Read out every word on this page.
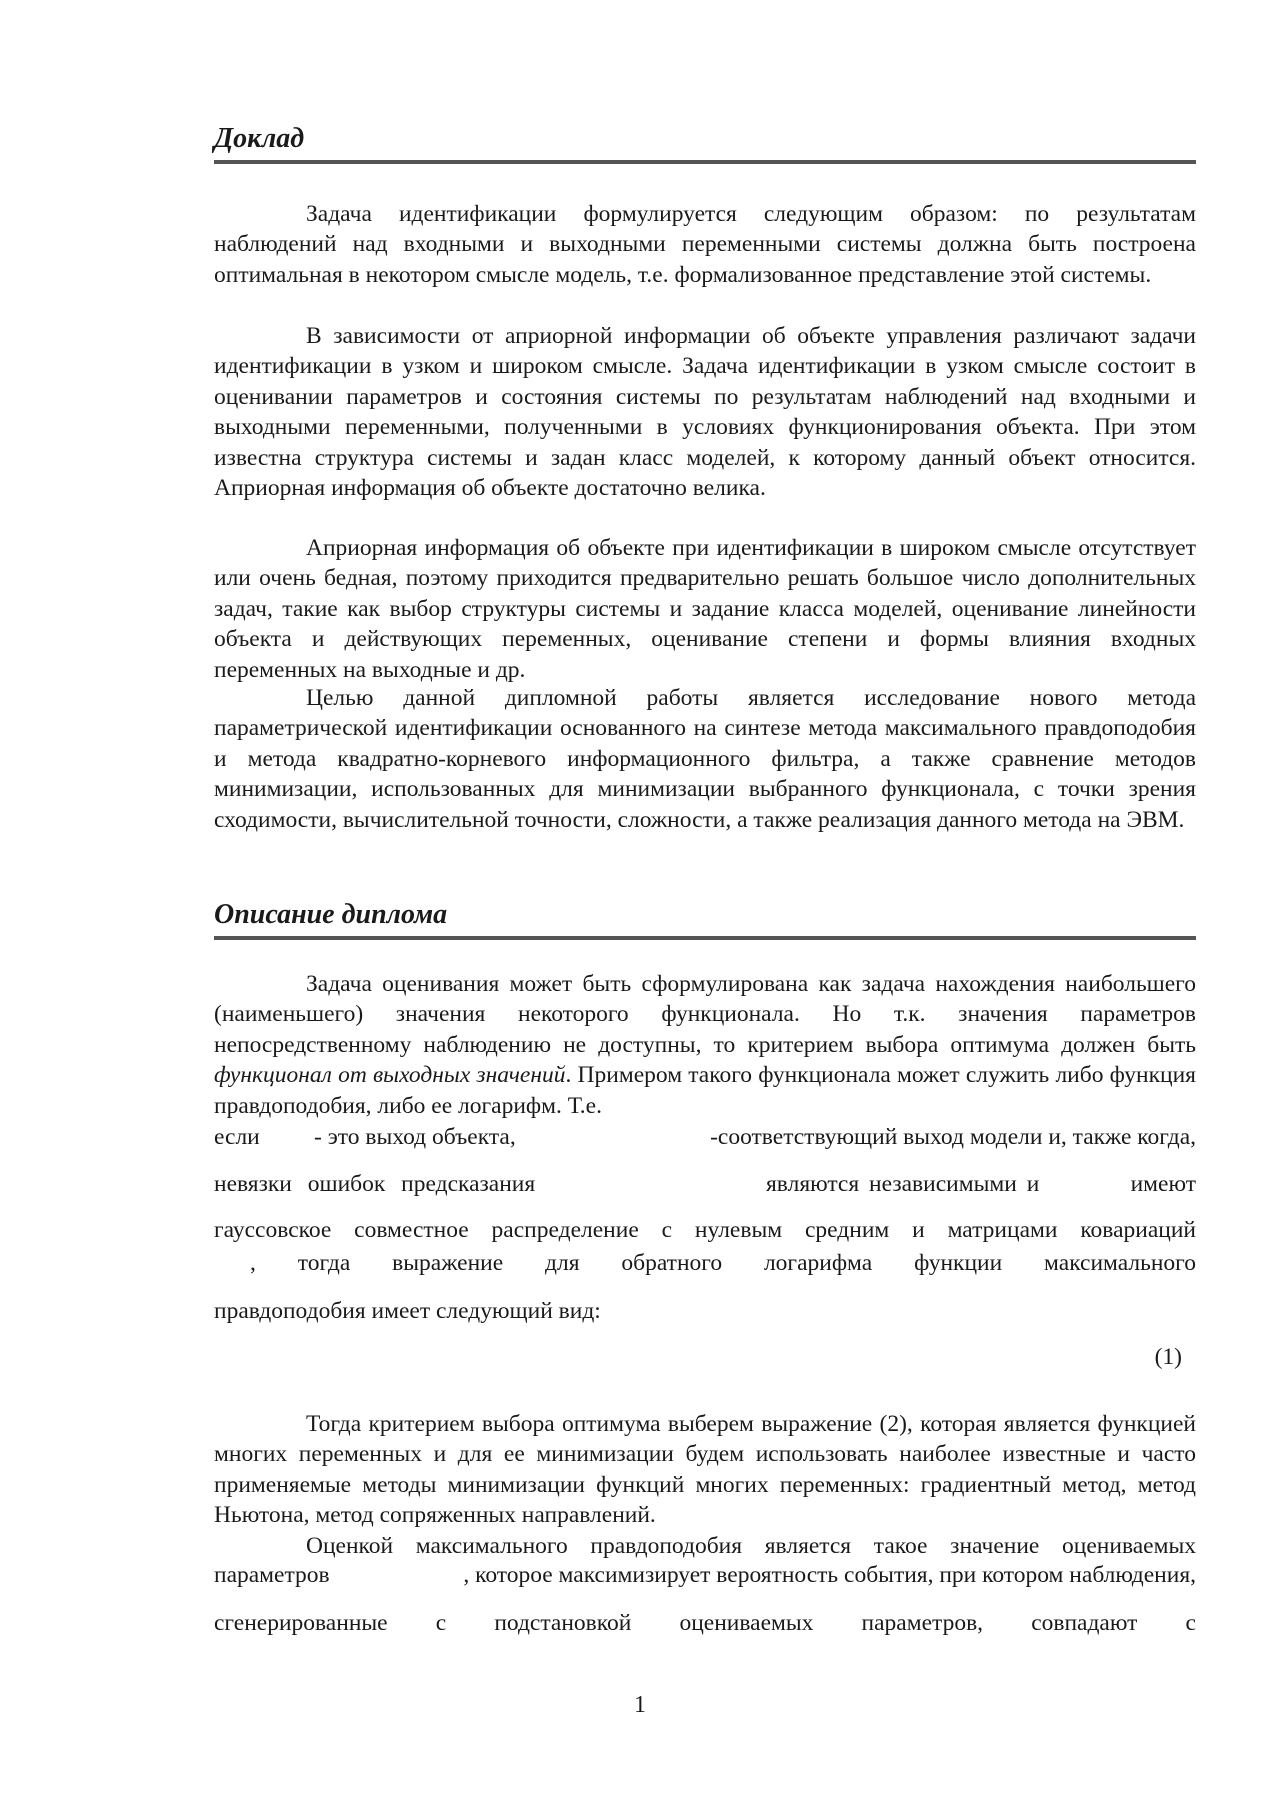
Доклад

Задача идентификации формулируется следующим образом: по результатам наблюдений над входными и выходными переменными системы должна быть построена оптимальная в некотором смысле модель, т.е. формализованное представление этой системы.

В зависимости от априорной информации об объекте управления различают задачи идентификации в узком и широком смысле. Задача идентификации в узком смысле состоит в оценивании параметров и состояния системы по результатам наблюдений над входными и выходными переменными, полученными в условиях функционирования объекта. При этом известна структура системы и задан класс моделей, к которому данный объект относится. Априорная информация об объекте достаточно велика.

Априорная информация об объекте при идентификации в широком смысле отсутствует или очень бедная, поэтому приходится предварительно решать большое число дополнительных задач, такие как выбор структуры системы и задание класса моделей, оценивание линейности объекта и действующих переменных, оценивание степени и формы влияния входных переменных на выходные и др.

Целью данной дипломной работы является исследование нового метода параметрической идентификации основанного на синтезе метода максимального правдоподобия и метода квадратно-корневого информационного фильтра, а также сравнение методов минимизации, использованных для минимизации выбранного функционала, с точки зрения сходимости, вычислительной точности, сложности, а также реализация данного метода на ЭВМ.

Описание диплома

Задача оценивания может быть сформулирована как задача нахождения наибольшего (наименьшего) значения некоторого функционала. Но т.к. значения параметров непосредственному наблюдению не доступны, то критерием выбора оптимума должен быть функционал от выходных значений. Примером такого функционала может служить либо функция правдоподобия, либо ее логарифм. Т.е.

если - это выход объекта,	-соответствующий выход модели и, также когда,
невязки ошибок предсказания	являются независимыми и	имеют
гауссовское совместное распределение с нулевым средним и матрицами ковариаций
, тогда выражение для обратного логарифма функции максимального
правдоподобия имеет следующий вид:
(1)

Тогда критерием выбора оптимума выберем выражение (2), которая является функцией многих переменных и для ее минимизации будем использовать наиболее известные и часто применяемые методы минимизации функций многих переменных: градиентный метод, метод Ньютона, метод сопряженных направлений.

Оценкой максимального правдоподобия является такое значение оцениваемых

параметров	, которое максимизирует вероятность события, при котором наблюдения,
сгенерированные с подстановкой оцениваемых параметров, совпадают с
1
